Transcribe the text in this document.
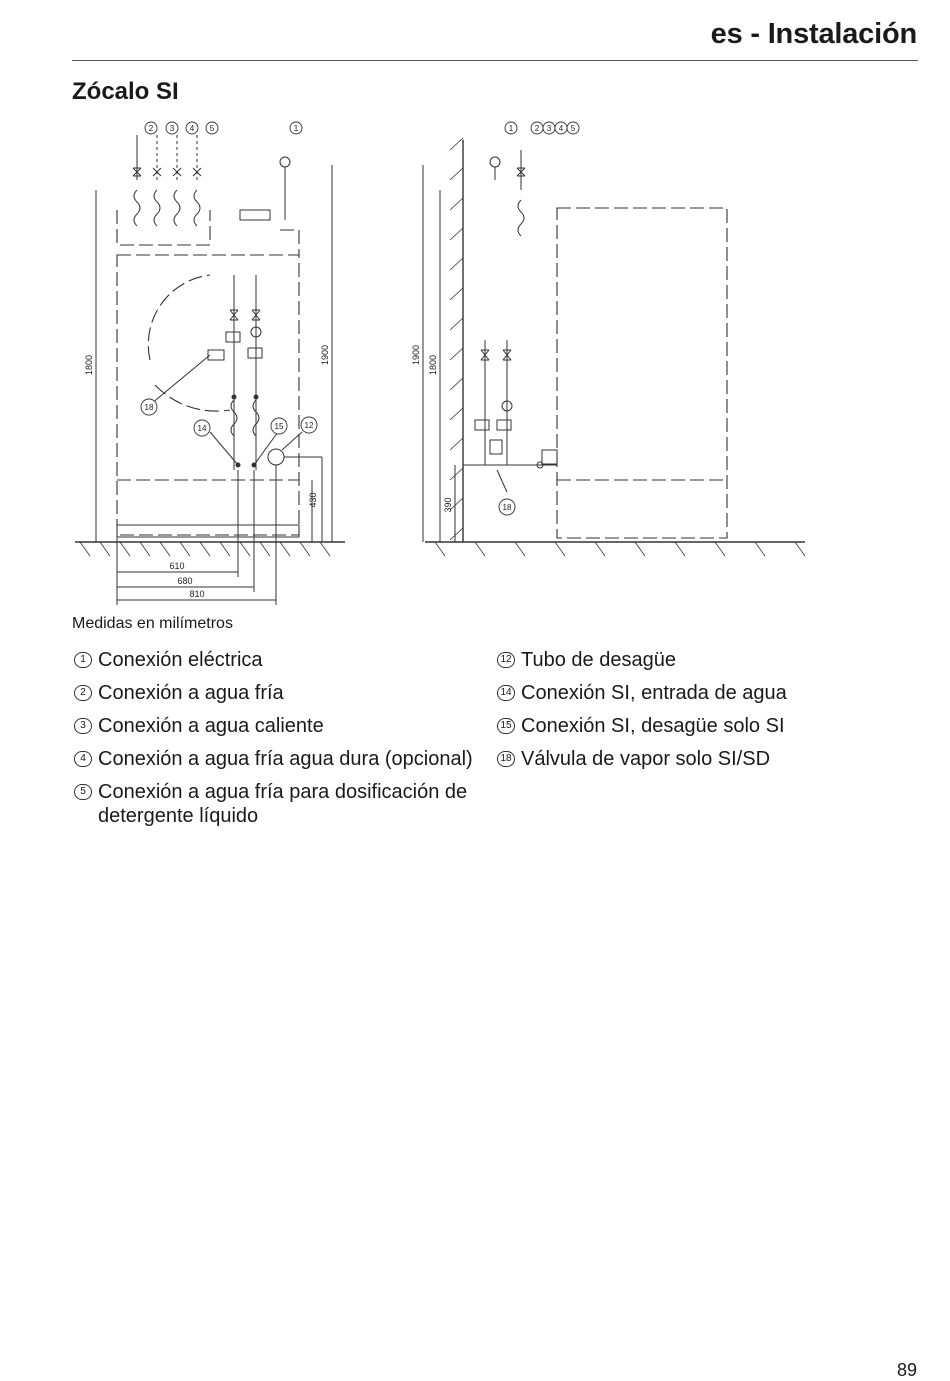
es - Instalación
Zócalo SI
2 3 4 5	1
18
14	15	12
1	2 3 4 5
18
1800	1900
430
610
680
810
1900 1800
390
Medidas en milímetros
1 Conexión eléctrica
2 Conexión a agua fría
3 Conexión a agua caliente
4 Conexión a agua fría agua dura (opcional)
5 Conexión a agua fría para dosificación de detergente líquido
12 Tubo de desagüe
14 Conexión SI, entrada de agua
15 Conexión SI, desagüe solo SI
18 Válvula de vapor solo SI/SD
89
